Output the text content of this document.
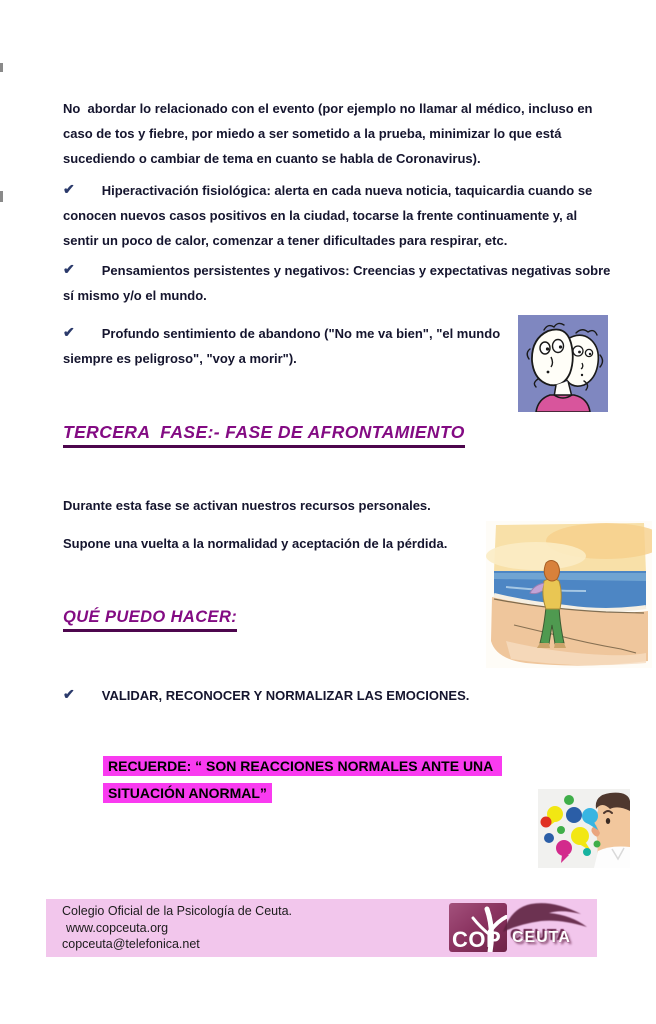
No  abordar lo relacionado con el evento (por ejemplo no llamar al médico, incluso en caso de tos y fiebre, por miedo a ser sometido a la prueba, minimizar lo que está sucediendo o cambiar de tema en cuanto se habla de Coronavirus).

✔ Hiperactivación fisiológica: alerta en cada nueva noticia, taquicardia cuando se conocen nuevos casos positivos en la ciudad, tocarse la frente continuamente y, al sentir un poco de calor, comenzar a tener dificultades para respirar, etc.

✔ Pensamientos persistentes y negativos: Creencias y expectativas negativas sobre sí mismo y/o el mundo.

✔ Profundo sentimiento de abandono ("No me va bien", "el mundo siempre es peligroso", "voy a morir").

TERCERA  FASE:- FASE DE AFRONTAMIENTO

Durante esta fase se activan nuestros recursos personales.

Supone una vuelta a la normalidad y aceptación de la pérdida.

QUÉ PUEDO HACER:

✔ VALIDAR, RECONOCER Y NORMALIZAR LAS EMOCIONES.

RECUERDE: “ SON REACCIONES NORMALES ANTE UNA SITUACIÓN ANORMAL”

Colegio Oficial de la Psicología de Ceuta.
www.copceuta.org
copceuta@telefonica.net	COP CEUTA
